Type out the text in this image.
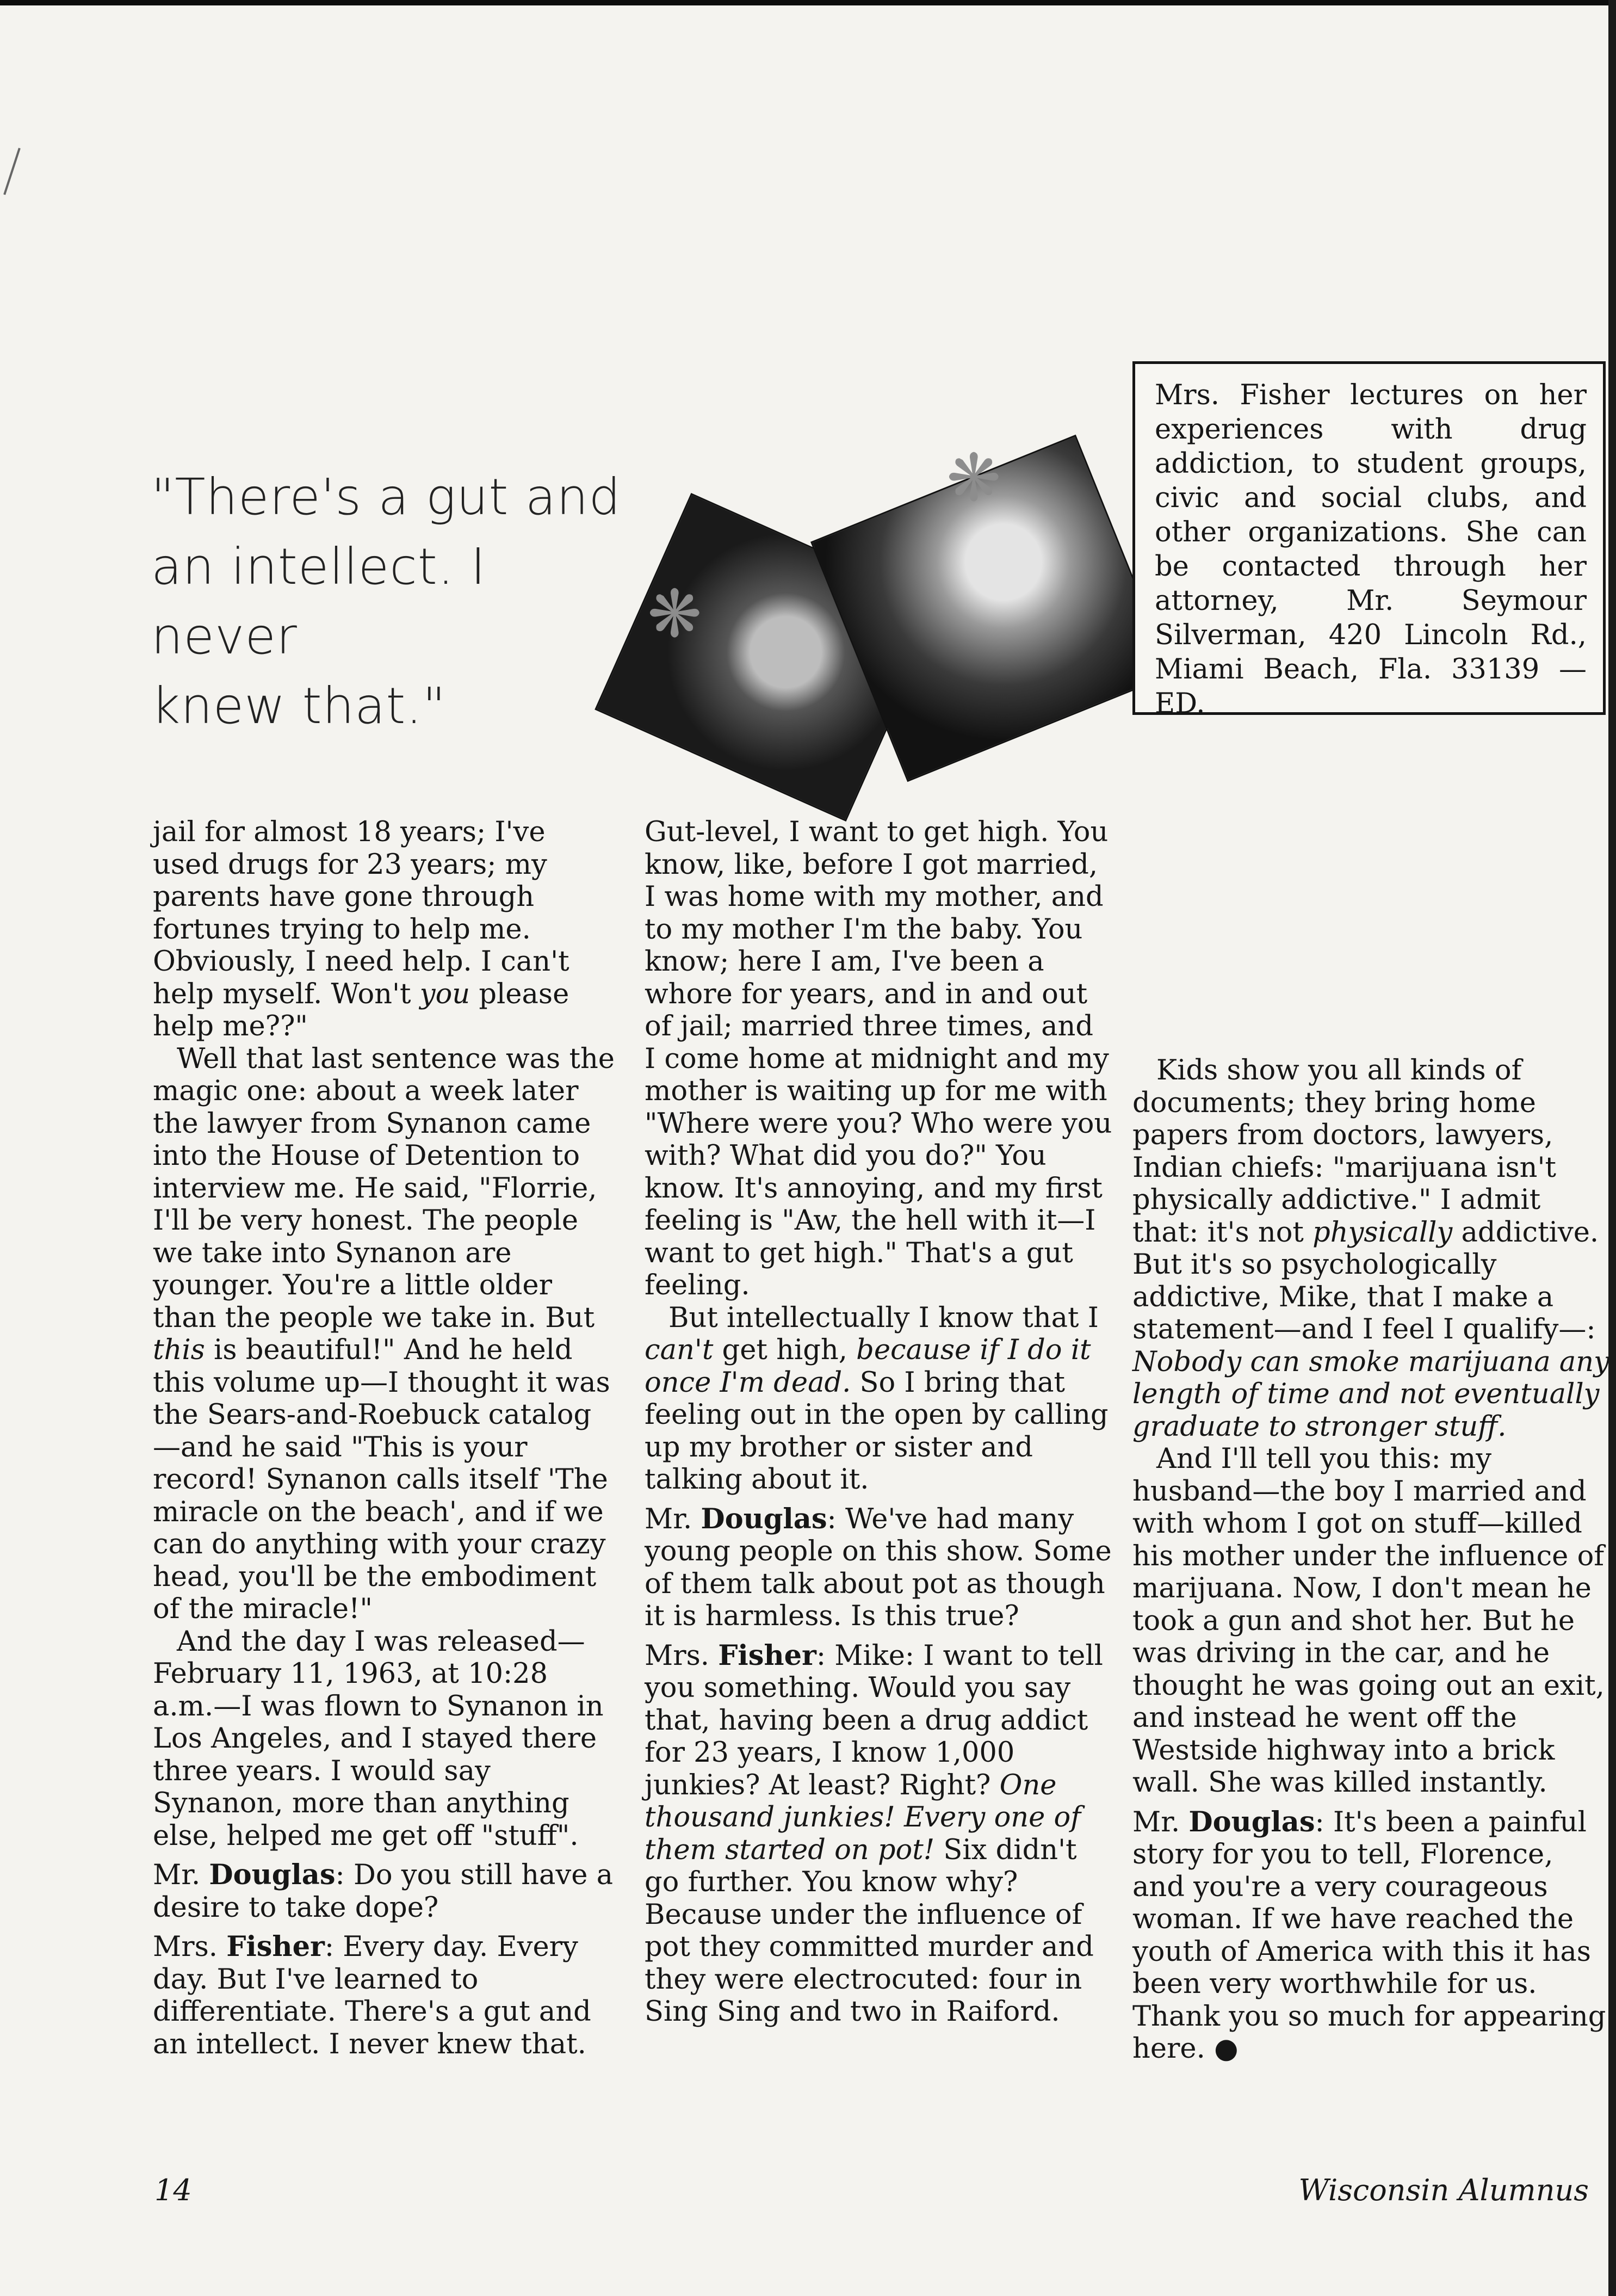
"There's a gut and
an intellect. I never
knew that."
❋
❋

Mrs. Fisher lectures on her experiences with drug addiction, to student groups, civic and social clubs, and other organizations. She can be contacted through her attorney, Mr. Seymour Silverman, 420 Lincoln Rd., Miami Beach, Fla. 33139 —ED.

jail for almost 18 years; I've used drugs for 23 years; my parents have gone through fortunes trying to help me. Obviously, I need help. I can't help myself. Won't you please help me??"

Well that last sentence was the magic one: about a week later the lawyer from Synanon came into the House of Detention to interview me. He said, "Florrie, I'll be very honest. The people we take into Synanon are younger. You're a little older than the people we take in. But this is beautiful!" And he held this volume up—I thought it was the Sears-and-Roebuck catalog—and he said "This is your record! Synanon calls itself 'The miracle on the beach', and if we can do anything with your crazy head, you'll be the embodiment of the miracle!"

And the day I was released—February 11, 1963, at 10:28 a.m.—I was flown to Synanon in Los Angeles, and I stayed there three years. I would say Synanon, more than anything else, helped me get off "stuff".

Mr. Douglas: Do you still have a desire to take dope?

Mrs. Fisher: Every day. Every day. But I've learned to differentiate. There's a gut and an intellect. I never knew that.

Gut-level, I want to get high. You know, like, before I got married, I was home with my mother, and to my mother I'm the baby. You know; here I am, I've been a whore for years, and in and out of jail; married three times, and I come home at midnight and my mother is waiting up for me with "Where were you? Who were you with? What did you do?" You know. It's annoying, and my first feeling is "Aw, the hell with it—I want to get high." That's a gut feeling.

But intellectually I know that I can't get high, because if I do it once I'm dead. So I bring that feeling out in the open by calling up my brother or sister and talking about it.

Mr. Douglas: We've had many young people on this show. Some of them talk about pot as though it is harmless. Is this true?

Mrs. Fisher: Mike: I want to tell you something. Would you say that, having been a drug addict for 23 years, I know 1,000 junkies? At least? Right? One thousand junkies! Every one of them started on pot! Six didn't go further. You know why? Because under the influence of pot they committed murder and they were electrocuted: four in Sing Sing and two in Raiford.

Kids show you all kinds of documents; they bring home papers from doctors, lawyers, Indian chiefs: "marijuana isn't physically addictive." I admit that: it's not physically addictive. But it's so psychologically addictive, Mike, that I make a statement—and I feel I qualify—: Nobody can smoke marijuana any length of time and not eventually graduate to stronger stuff.

And I'll tell you this: my husband—the boy I married and with whom I got on stuff—killed his mother under the influence of marijuana. Now, I don't mean he took a gun and shot her. But he was driving in the car, and he thought he was going out an exit, and instead he went off the Westside highway into a brick wall. She was killed instantly.

Mr. Douglas: It's been a painful story for you to tell, Florence, and you're a very courageous woman. If we have reached the youth of America with this it has been very worthwhile for us. Thank you so much for appearing here. ●

14	Wisconsin Alumnus
